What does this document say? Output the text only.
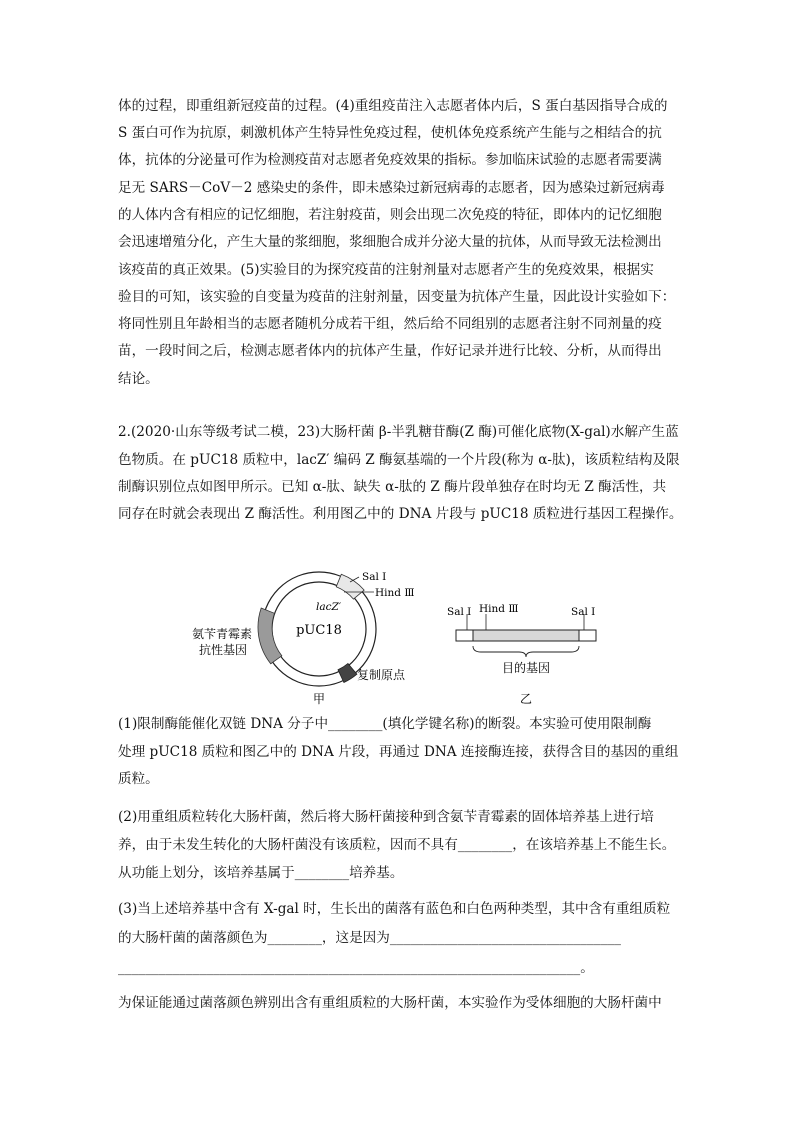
体的过程，即重组新冠疫苗的过程。(4)重组疫苗注入志愿者体内后，S 蛋白基因指导合成的
S 蛋白可作为抗原，刺激机体产生特异性免疫过程，使机体免疫系统产生能与之相结合的抗
体，抗体的分泌量可作为检测疫苗对志愿者免疫效果的指标。参加临床试验的志愿者需要满
足无 SARS－CoV－2 感染史的条件，即未感染过新冠病毒的志愿者，因为感染过新冠病毒
的人体内含有相应的记忆细胞，若注射疫苗，则会出现二次免疫的特征，即体内的记忆细胞
会迅速增殖分化，产生大量的浆细胞，浆细胞合成并分泌大量的抗体，从而导致无法检测出
该疫苗的真正效果。(5)实验目的为探究疫苗的注射剂量对志愿者产生的免疫效果，根据实
验目的可知，该实验的自变量为疫苗的注射剂量，因变量为抗体产生量，因此设计实验如下：
将同性别且年龄相当的志愿者随机分成若干组，然后给不同组别的志愿者注射不同剂量的疫
苗，一段时间之后，检测志愿者体内的抗体产生量，作好记录并进行比较、分析，从而得出
结论。
2.(2020·山东等级考试二模，23)大肠杆菌 β-半乳糖苷酶(Z 酶)可催化底物(X-gal)水解产生蓝
色物质。在 pUC18 质粒中，lacZ′ 编码 Z 酶氨基端的一个片段(称为 α-肽)，该质粒结构及限
制酶识别位点如图甲所示。已知 α-肽、缺失 α-肽的 Z 酶片段单独存在时均无 Z 酶活性，共
同存在时就会表现出 Z 酶活性。利用图乙中的 DNA 片段与 pUC18 质粒进行基因工程操作。
pUC18
lacZ′
Sal Ⅰ
Hind Ⅲ
氨苄青霉素
抗性基因
复制原点
甲
Sal Ⅰ Hind Ⅲ	Sal Ⅰ
目的基因
乙
(1)限制酶能催化双链 DNA 分子中________(填化学键名称)的断裂。本实验可使用限制酶
处理 pUC18 质粒和图乙中的 DNA 片段，再通过 DNA 连接酶连接，获得含目的基因的重组
质粒。
(2)用重组质粒转化大肠杆菌，然后将大肠杆菌接种到含氨苄青霉素的固体培养基上进行培
养，由于未发生转化的大肠杆菌没有该质粒，因而不具有________，在该培养基上不能生长。
从功能上划分，该培养基属于________培养基。
(3)当上述培养基中含有 X-gal 时，生长出的菌落有蓝色和白色两种类型，其中含有重组质粒
的大肠杆菌的菌落颜色为________，这是因为__________________________________
____________________________________________________________________。
为保证能通过菌落颜色辨别出含有重组质粒的大肠杆菌，本实验作为受体细胞的大肠杆菌中
